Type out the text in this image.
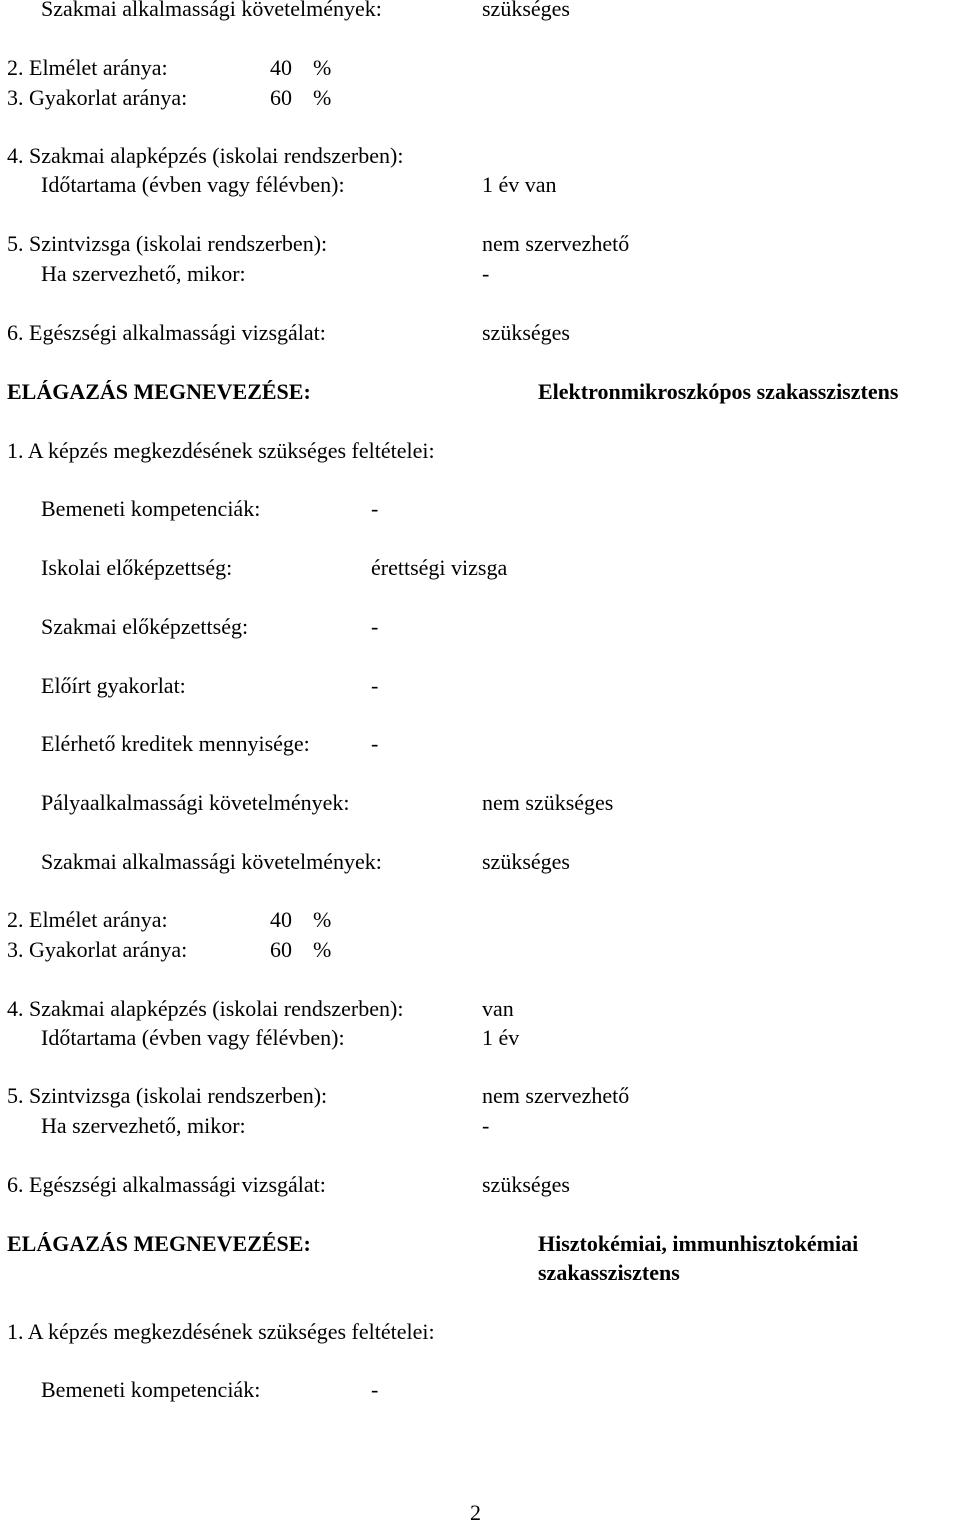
Szakmai alkalmassági követelmények:	szükséges
2. Elmélet aránya:	40 %
3. Gyakorlat aránya:	60 %
4. Szakmai alapképzés (iskolai rendszerben):
Időtartama (évben vagy félévben):	1 év van
5. Szintvizsga (iskolai rendszerben):	nem szervezhető
Ha szervezhető, mikor:	-
6. Egészségi alkalmassági vizsgálat:	szükséges
ELÁGAZÁS MEGNEVEZÉSE:	Elektronmikroszkópos szakasszisztens
1. A képzés megkezdésének szükséges feltételei:
Bemeneti kompetenciák:	-
Iskolai előképzettség:	érettségi vizsga
Szakmai előképzettség:	-
Előírt gyakorlat:	-
Elérhető kreditek mennyisége:	-
Pályaalkalmassági követelmények:	nem szükséges
Szakmai alkalmassági követelmények:	szükséges
2. Elmélet aránya:	40 %
3. Gyakorlat aránya:	60 %
4. Szakmai alapképzés (iskolai rendszerben):	van
Időtartama (évben vagy félévben):	1 év
5. Szintvizsga (iskolai rendszerben):	nem szervezhető
Ha szervezhető, mikor:	-
6. Egészségi alkalmassági vizsgálat:	szükséges
ELÁGAZÁS MEGNEVEZÉSE:	Hisztokémiai, immunhisztokémiai
szakasszisztens
1. A képzés megkezdésének szükséges feltételei:
Bemeneti kompetenciák:	-
2
